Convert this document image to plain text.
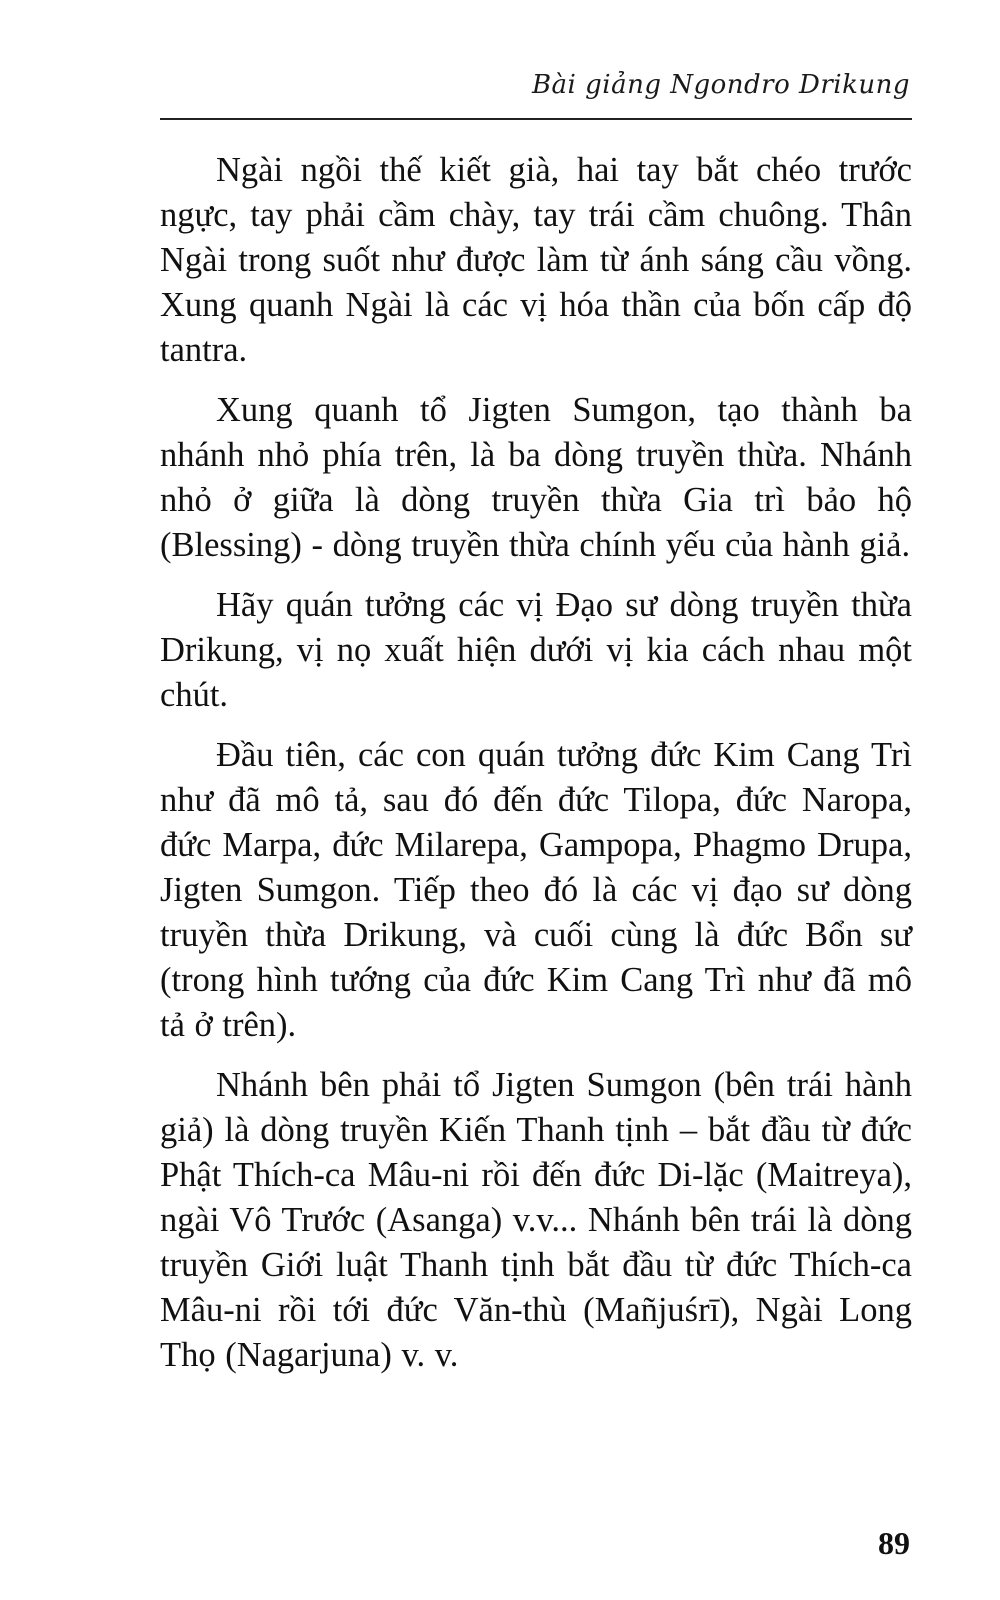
Bài giảng Ngondro Drikung

Ngài ngồi thế kiết già, hai tay bắt chéo trước ngực, tay phải cầm chày, tay trái cầm chuông. Thân Ngài trong suốt như được làm từ ánh sáng cầu vồng. Xung quanh Ngài là các vị hóa thần của bốn cấp độ tantra.

Xung quanh tổ Jigten Sumgon, tạo thành ba nhánh nhỏ phía trên, là ba dòng truyền thừa. Nhánh nhỏ ở giữa là dòng truyền thừa Gia trì bảo hộ (Blessing) - dòng truyền thừa chính yếu của hành giả.

Hãy quán tưởng các vị Đạo sư dòng truyền thừa Drikung, vị nọ xuất hiện dưới vị kia cách nhau một chút.

Đầu tiên, các con quán tưởng đức Kim Cang Trì như đã mô tả, sau đó đến đức Tilopa, đức Naropa, đức Marpa, đức Milarepa, Gampopa, Phagmo Drupa, Jigten Sumgon. Tiếp theo đó là các vị đạo sư dòng truyền thừa Drikung, và cuối cùng là đức Bổn sư (trong hình tướng của đức Kim Cang Trì như đã mô tả ở trên).

Nhánh bên phải tổ Jigten Sumgon (bên trái hành giả) là dòng truyền Kiến Thanh tịnh – bắt đầu từ đức Phật Thích-ca Mâu-ni rồi đến đức Di-lặc (Maitreya), ngài Vô Trước (Asanga) v.v... Nhánh bên trái là dòng truyền Giới luật Thanh tịnh bắt đầu từ đức Thích-ca Mâu-ni rồi tới đức Văn-thù (Mañjuśrī), Ngài Long Thọ (Nagarjuna) v. v.

89
